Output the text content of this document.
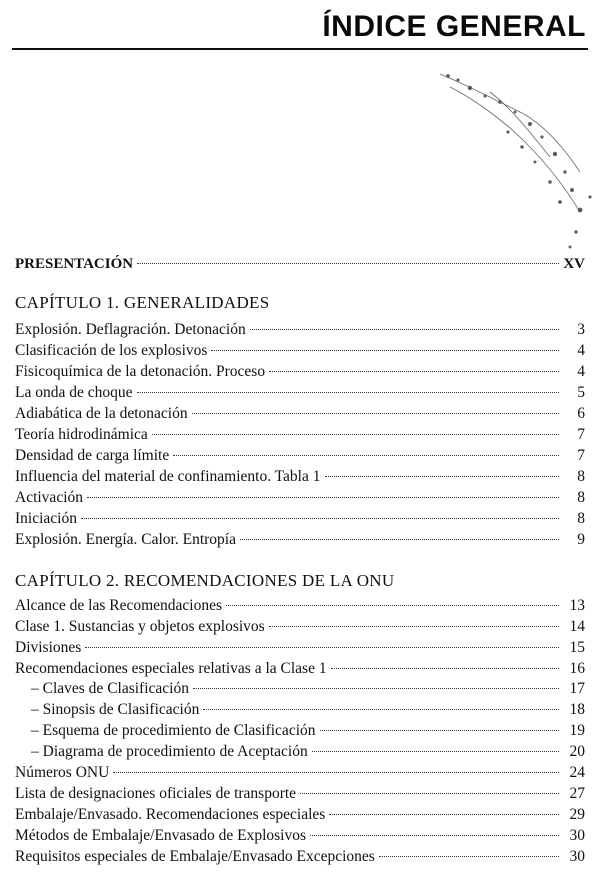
ÍNDICE GENERAL
PRESENTACIÓN	XV
CAPÍTULO 1. GENERALIDADES
Explosión. Deflagración. Detonación	3
Clasificación de los explosivos	4
Fisicoquímica de la detonación. Proceso	4
La onda de choque	5
Adiabática de la detonación	6
Teoría hidrodinámica	7
Densidad de carga límite	7
Influencia del material de confinamiento. Tabla 1	8
Activación	8
Iniciación	8
Explosión. Energía. Calor. Entropía	9
CAPÍTULO 2. RECOMENDACIONES DE LA ONU
Alcance de las Recomendaciones	13
Clase 1. Sustancias y objetos explosivos	14
Divisiones	15
Recomendaciones especiales relativas a la Clase 1	16
– Claves de Clasificación	17
– Sinopsis de Clasificación	18
– Esquema de procedimiento de Clasificación	19
– Diagrama de procedimiento de Aceptación	20
Números ONU	24
Lista de designaciones oficiales de transporte	27
Embalaje/Envasado. Recomendaciones especiales	29
Métodos de Embalaje/Envasado de Explosivos	30
Requisitos especiales de Embalaje/Envasado Excepciones	30
